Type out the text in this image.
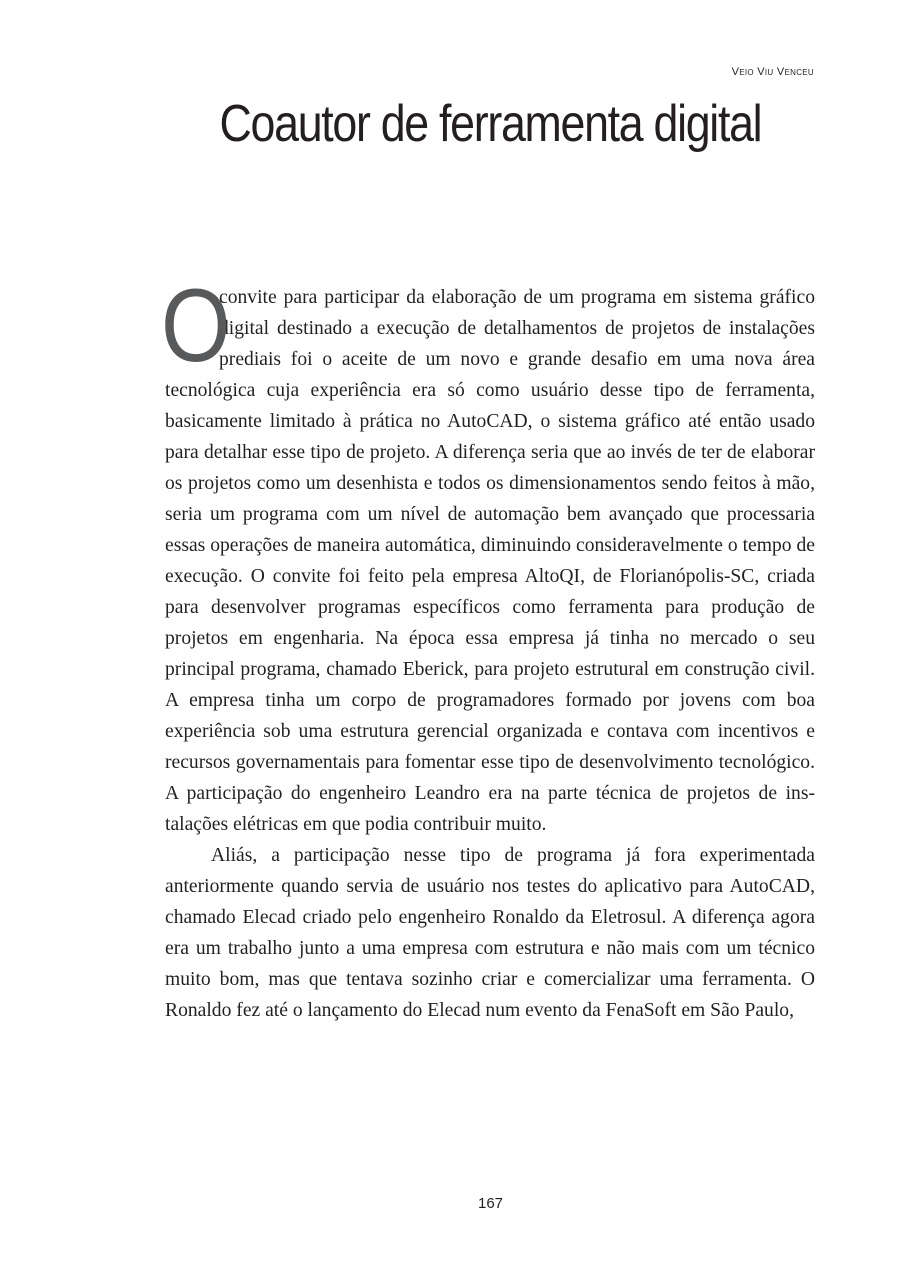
Veio Viu Venceu
Coautor de ferramenta digital

O
convite para participar da elaboração de um programa em sistema gráfico digital destinado a execução de detalhamentos de projetos de instalações prediais foi o aceite de um novo e grande desafio em uma nova área tecnológica cuja experiência era só como usuário desse tipo de ferramenta, basicamente limitado à prática no AutoCAD, o sistema gráfico até então usado para detalhar esse tipo de projeto. A diferença seria que ao invés de ter de elaborar os projetos como um desenhista e todos os dimensionamentos sendo feitos à mão, seria um programa com um nível de automação bem avançado que processaria essas operações de maneira automática, diminuindo consideravelmente o tempo de execução. O convite foi feito pela empresa AltoQI, de Florianópolis-SC, criada para desenvolver programas específicos como ferramenta para produção de projetos em engenharia. Na época essa empresa já tinha no mercado o seu principal programa, chamado Eberick, para projeto estrutural em construção civil. A empresa tinha um corpo de programadores formado por jovens com boa experiência sob uma estrutura gerencial organizada e contava com incentivos e recursos governamentais para fomentar esse tipo de desenvolvimento tecnológico. A participação do engenheiro Leandro era na parte técnica de projetos de instalações elétricas em que podia contribuir muito.

Aliás, a participação nesse tipo de programa já fora experimentada anteriormente quando servia de usuário nos testes do aplicativo para AutoCAD, chamado Elecad criado pelo engenheiro Ronaldo da Eletrosul. A diferença agora era um trabalho junto a uma empresa com estrutura e não mais com um técnico muito bom, mas que tentava sozinho criar e comercializar uma ferramenta. O Ronaldo fez até o lançamento do Elecad num evento da FenaSoft em São Paulo,

167
